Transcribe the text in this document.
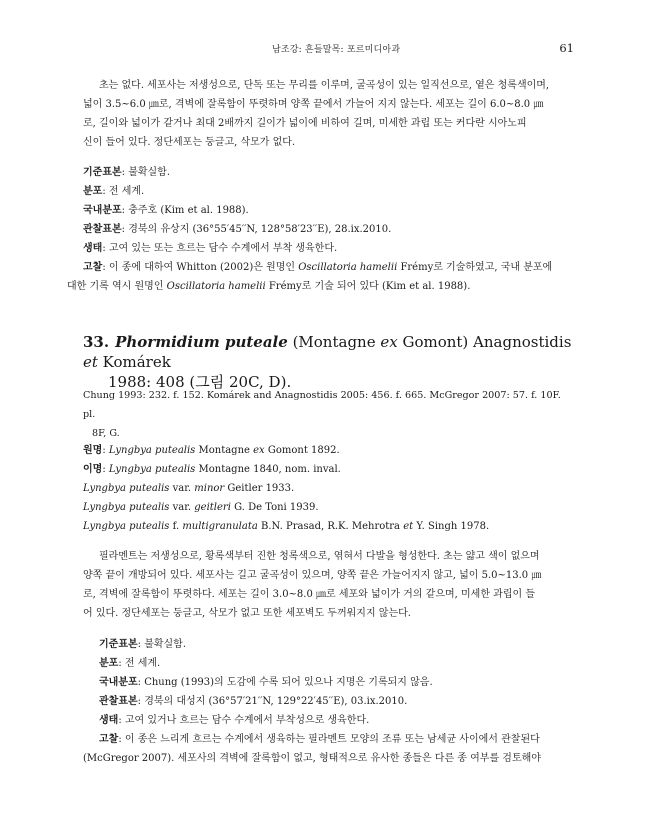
남조강: 흔들말목: 포르미디아과	61
초는 없다. 세포사는 저생성으로, 단독 또는 무리를 이루며, 굴곡성이 있는 일직선으로, 옅은 청록색이며,
넓이 3.5~6.0 ㎛로, 격벽에 잘록함이 뚜렷하며 양쪽 끝에서 가늘어 지지 않는다. 세포는 길이 6.0~8.0 ㎛
로, 길이와 넓이가 같거나 최대 2배까지 길이가 넓이에 비하여 길며, 미세한 과립 또는 커다란 시아노피
신이 들어 있다. 정단세포는 둥글고, 삭모가 없다.
기준표본: 불확실함.
분포: 전 세계.
국내분포: 충주호 (Kim et al. 1988).
관찰표본: 경북의 유상지 (36°55′45′′N, 128°58′23′′E), 28.ix.2010.
생태: 고여 있는 또는 흐르는 담수 수계에서 부착 생육한다.
고찰: 이 종에 대하여 Whitton (2002)은 원명인 Oscillatoria hamelii Frémy로 기술하였고, 국내 분포에
대한 기록 역시 원명인 Oscillatoria hamelii Frémy로 기술 되어 있다 (Kim et al. 1988).
33. Phormidium puteale (Montagne ex Gomont) Anagnostidis et Komárek
1988: 408 (그림 20C, D).
Chung 1993: 232. f. 152. Komárek and Anagnostidis 2005: 456. f. 665. McGregor 2007: 57. f. 10F. pl.
8F, G.
원명: Lyngbya putealis Montagne ex Gomont 1892.
이명: Lyngbya putealis Montagne 1840, nom. inval.
Lyngbya putealis var. minor Geitler 1933.
Lyngbya putealis var. geitleri G. De Toni 1939.
Lyngbya putealis f. multigranulata B.N. Prasad, R.K. Mehrotra et Y. Singh 1978.
필라멘트는 저생성으로, 황록색부터 진한 청록색으로, 엮혀서 다발을 형성한다. 초는 얇고 색이 없으며
양쪽 끝이 개방되어 있다. 세포사는 길고 굴곡성이 있으며, 양쪽 끝은 가늘어지지 않고, 넓이 5.0~13.0 ㎛
로, 격벽에 잘록함이 뚜렷하다. 세포는 길이 3.0~8.0 ㎛로 세포와 넓이가 거의 같으며, 미세한 과립이 들
어 있다. 정단세포는 둥글고, 삭모가 없고 또한 세포벽도 두꺼워지지 않는다.
기준표본: 불확실함.
분포: 전 세계.
국내분포: Chung (1993)의 도감에 수록 되어 있으나 지명은 기록되지 않음.
관찰표본: 경북의 대성지 (36°57′21′′N, 129°22′45′′E), 03.ix.2010.
생태: 고여 있거나 흐르는 담수 수계에서 부착성으로 생육한다.
고찰: 이 종은 느리게 흐르는 수계에서 생육하는 필라멘트 모양의 조류 또는 남세균 사이에서 관찰된다
(McGregor 2007). 세포사의 격벽에 잘록함이 없고, 형태적으로 유사한 종들은 다른 종 여부를 검토해야
